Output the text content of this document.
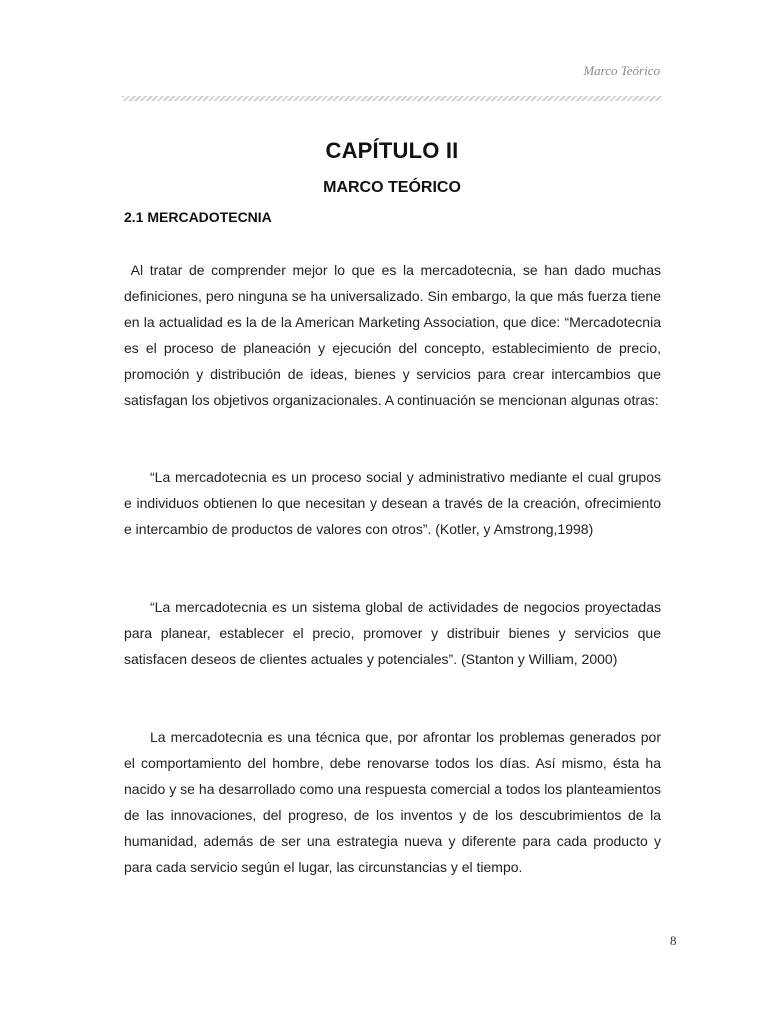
Marco Teórico
CAPÍTULO II
MARCO TEÓRICO
2.1 MERCADOTECNIA

Al tratar de comprender mejor lo que es la mercadotecnia, se han dado muchas definiciones, pero ninguna se ha universalizado. Sin embargo, la que más fuerza tiene en la actualidad es la de la American Marketing Association, que dice: “Mercadotecnia es el proceso de planeación y ejecución del concepto, establecimiento de precio, promoción y distribución de ideas, bienes y servicios para crear intercambios que satisfagan los objetivos organizacionales. A continuación se mencionan algunas otras:

“La mercadotecnia es un proceso social y administrativo mediante el cual grupos e individuos obtienen lo que necesitan y desean a través de la creación, ofrecimiento e intercambio de productos de valores con otros”. (Kotler, y Amstrong,1998)

“La mercadotecnia es un sistema global de actividades de negocios proyectadas para planear, establecer el precio, promover y distribuir bienes y servicios que satisfacen deseos de clientes actuales y potenciales”. (Stanton y William, 2000)

La mercadotecnia es una técnica que, por afrontar los problemas generados por el comportamiento del hombre, debe renovarse todos los días. Así mismo, ésta ha nacido y se ha desarrollado como una respuesta comercial a todos los planteamientos de las innovaciones, del progreso, de los inventos y de los descubrimientos de la humanidad, además de ser una estrategia nueva y diferente para cada producto y para cada servicio según el lugar, las circunstancias y el tiempo.

8
